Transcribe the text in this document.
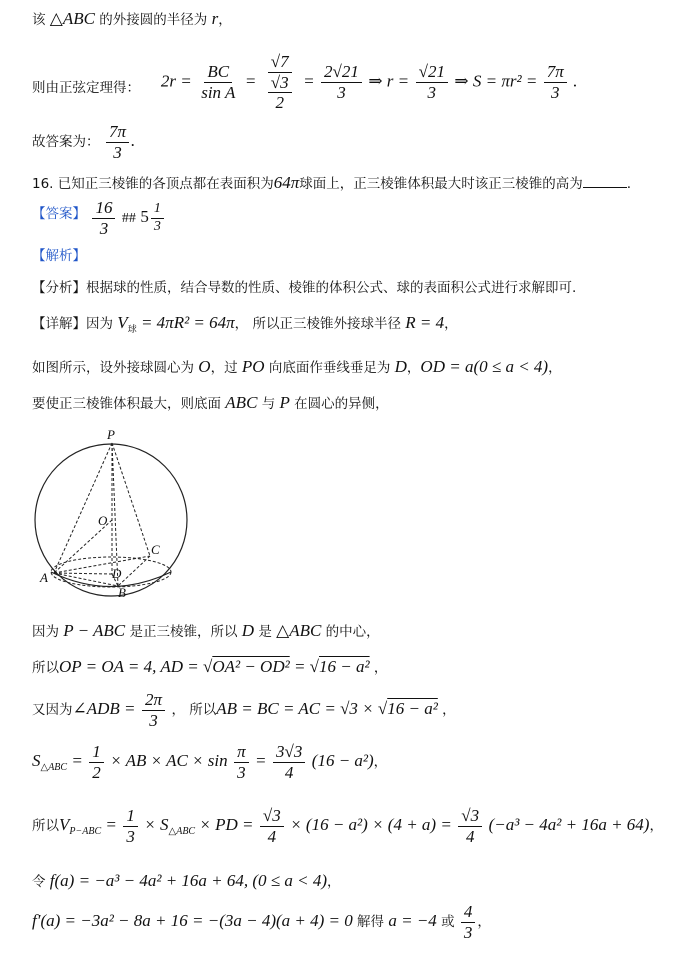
该 △ABC 的外接圆的半径为 r，
则由正弦定理得： $2r = \frac{BC}{\text{sin A}} = \frac{√7}{\frac{√3}{2}} = \frac{2√21}{3}$ ⇒ $r = \frac{√21}{3}$ ⇒ $S = \pi r^2 = \frac{7\pi}{3}$ .
故答案为： $\frac{7\pi}{3}$ .
16. 已知正三棱锥的各顶点都在表面积为64π球面上，正三棱锥体积最大时该正三棱锥的高为	.
【答案】 $\frac{16}{3}$ ## $5 \frac{1}{3}$
【解析】
【分析】根据球的性质，结合导数的性质、棱锥的体积公式、球的表面积公式进行求解即可.
【详解】因为 $V_球 = 4\pi R^2 = 64\pi$， 所以正三棱锥外接球半径 R = 4，
如图所示，设外接球圆心为 O，过 PO 向底面作垂线垂足为 D，OD = a(0 ≤ a < 4)，
要使正三棱锥体积最大，则底面 ABC 与 P 在圆心的异侧，
P
O
C
A	D
B
因为 P − ABC 是正三棱锥，所以 D 是 △ABC 的中心，
所以OP = OA = 4, AD = √OA² − OD² = √16 − a² ，
又因为∠ADB = $\frac{2\pi}{3}$ ， 所以AB = BC = AC = √3 × √16 − a² ，
$S_{\triangle ABC} = \frac{1}{2}$ × AB × AC × $\sin \frac{\pi}{3} = \frac{3√3}{4} (16 - a^2)$，
所以$V_{P-ABC} = \frac{1}{3} \times S_{\triangle ABC}$ × PD = $\frac{√3}{4} \times (16 - a^2) \times (4 + a) = \frac{√3}{4} (-a^3 - 4a^2 + 16a + 64)$，
令 f(a) = −a³ − 4a² + 16a + 64, (0 ≤ a < 4)，
f′(a) = −3a² − 8a + 16 = −(3a − 4)(a + 4) = 0 解得 a = −4 或 $\frac{4}{3}$ ，
